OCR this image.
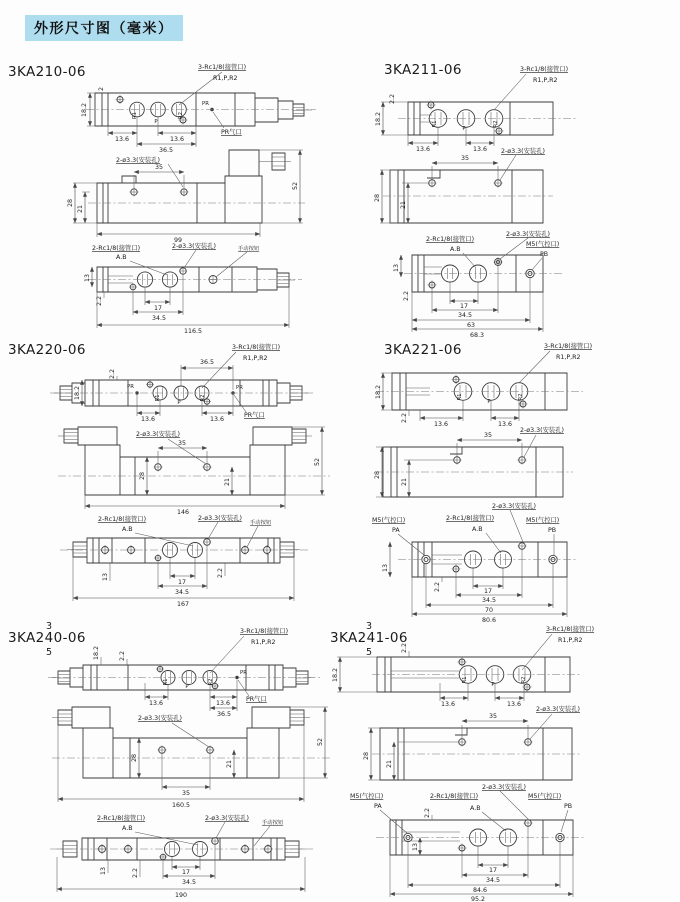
外形尺寸图（毫米）
3KA210-06
18.2
2
13.6	13.6
36.5
3-Rc1/8(接管口)
R1,P,R2
PR
PR气口
R1
P
R2
35
2-ø3.3(安装孔)
28
21
99
52
2-Rc1/8(接管口)
A.B
2-ø3.3(安装孔)	手动按钮
13
2.2
17
34.5
116.5
3KA211-06
18.2
2.2
13.6	13.6
3-Rc1/8(接管口)
R1,P,R2
R1
P
R2
35
2-ø3.3(安装孔)
28
21
2-Rc1/8(接管口)
A.B
2-ø3.3(安装孔)
M5(气控口)
PB
13
2.2
17
34.5
63
68.3
3KA220-06
18.2
2.2
36.5
13.6	13.6
3-Rc1/8(接管口)
R1,P,R2
PR	PR
PR气口
R1
P
R2
35
2-ø3.3(安装孔)
28
21
146
52
2-Rc1/8(接管口)
A.B
2-ø3.3(安装孔)
手动按钮
13	2.2
17
34.5
167
3KA221-06
18.2
2.2
13.6	13.6
3-Rc1/8(接管口)
R1,P,R2
R1
P
R2
35
2-ø3.3(安装孔)
28
21
M5(气控口)
PA
2-Rc1/8(接管口)
A.B
2-ø3.3(安装孔)
M5(气控口)
PB
13
2.2	17
34.5
70
80.6
3
3KA240-06
5	18.2	2.2
13.6	13.6
36.5
3-Rc1/8(接管口)
R1,P,R2
PR
PR气口
R1
P
R2
2-ø3.3(安装孔)
28
21
35
160.5
52
2-Rc1/8(接管口)
A.B
2-ø3.3(安装孔)
手动按钮
13	2.2	17
34.5
190
3
3KA241-06
5
18.2
2.2
13.6	13.6
3-Rc1/8(接管口)
R1,P,R2
R1
P
R2
35
2-ø3.3(安装孔)
28
21
M5(气控口)
PA
2-Rc1/8(接管口)
A.B
2-ø3.3(安装孔)
M5(气控口)
PB
13
2.2
17
34.5
84.6
95.2
